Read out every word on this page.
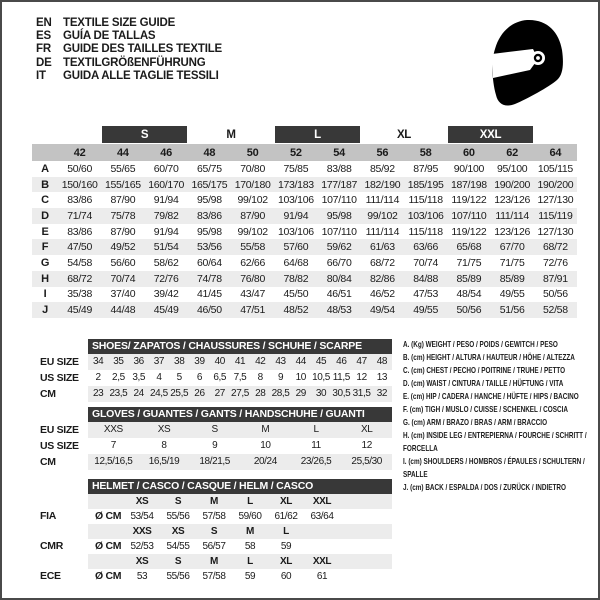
EN TEXTILE SIZE GUIDE
ES	GUÍA DE TALLAS
FR	GUIDE DES TAILLES TEXTILE
DE TEXTILGRÖßENFÜHRUNG
IT	GUIDA ALLE TAGLIE TESSILI
S	M	L	XL	XXL
42	44	46	48	50	52	54	56	58	60	62	64
A	50/60	55/65	60/70	65/75	70/80	75/85	83/88	85/92	87/95	90/100	95/100	105/115
B	150/160 155/165 160/170 165/175 170/180 173/183 177/187 182/190 185/195 187/198 190/200 190/200
C	83/86	87/90	91/94	95/98	99/102 103/106 107/110 111/114 115/118 119/122 123/126 127/130
D	71/74	75/78	79/82	83/86	87/90	91/94	95/98	99/102 103/106 107/110 111/114 115/119
E	83/86	87/90	91/94	95/98	99/102 103/106 107/110 111/114 115/118 119/122 123/126 127/130
F	47/50	49/52	51/54	53/56	55/58	57/60	59/62	61/63	63/66	65/68	67/70	68/72
G	54/58	56/60	58/62	60/64	62/66	64/68	66/70	68/72	70/74	71/75	71/75	72/76
H	68/72	70/74	72/76	74/78	76/80	78/82	80/84	82/86	84/88	85/89	85/89	87/91
I	35/38	37/40	39/42	41/45	43/47	45/50	46/51	46/52	47/53	48/54	49/55	50/56
J	45/49	44/48	45/49	46/50	47/51	48/52	48/53	49/54	49/55	50/56	51/56	52/58
SHOES/ ZAPATOS / CHAUSSURES / SCHUHE / SCARPE
EU SIZE	34 35 36 37 38 39 40 41 42 43 44 45 46 47 48
US SIZE	2	2,5 3,5	4	5	6	6,5 7,5	8	9	10 10,5 11,5 12 13
CM	23 23,5 24 24,5 25,5 26 27 27,5 28 28,5 29 30 30,5 31,5 32
GLOVES / GUANTES / GANTS / HANDSCHUHE / GUANTI
EU SIZE	XXS	XS	S	M	L	XL
US SIZE	7	8	9	10	11	12
CM	12,5/16,5	16,5/19	18/21,5	20/24	23/26,5	25,5/30
HELMET / CASCO / CASQUE / HELM / CASCO
XS	S	M	L	XL	XXL
FIA	Ø CM 53/54	55/56	57/58	59/60	61/62	63/64
XXS	XS	S	M	L
CMR	Ø CM 52/53	54/55	56/57	58	59
XS	S	M	L	XL	XXL
ECE	Ø CM	53	55/56	57/58	59	60	61
A. (Kg) WEIGHT / PESO / POIDS / GEWITCH / PESO
B. (cm) HEIGHT / ALTURA / HAUTEUR / HÖHE / ALTEZZA
C. (cm) CHEST / PECHO / POITRINE / TRUHE / PETTO
D. (cm) WAIST / CINTURA / TAILLE / HÜFTUNG / VITA
E. (cm) HIP / CADERA / HANCHE / HÜFTE / HIPS / BACINO
F. (cm) TIGH / MUSLO / CUISSE / SCHENKEL / COSCIA
G. (cm) ARM / BRAZO / BRAS / ARM / BRACCIO
H. (cm) INSIDE LEG / ENTREPIERNA / FOURCHE / SCHRITT / FORCELLA
I. (cm) SHOULDERS / HOMBROS / ÉPAULES / SCHULTERN / SPALLE
J. (cm) BACK / ESPALDA / DOS / ZURÜCK / INDIETRO
